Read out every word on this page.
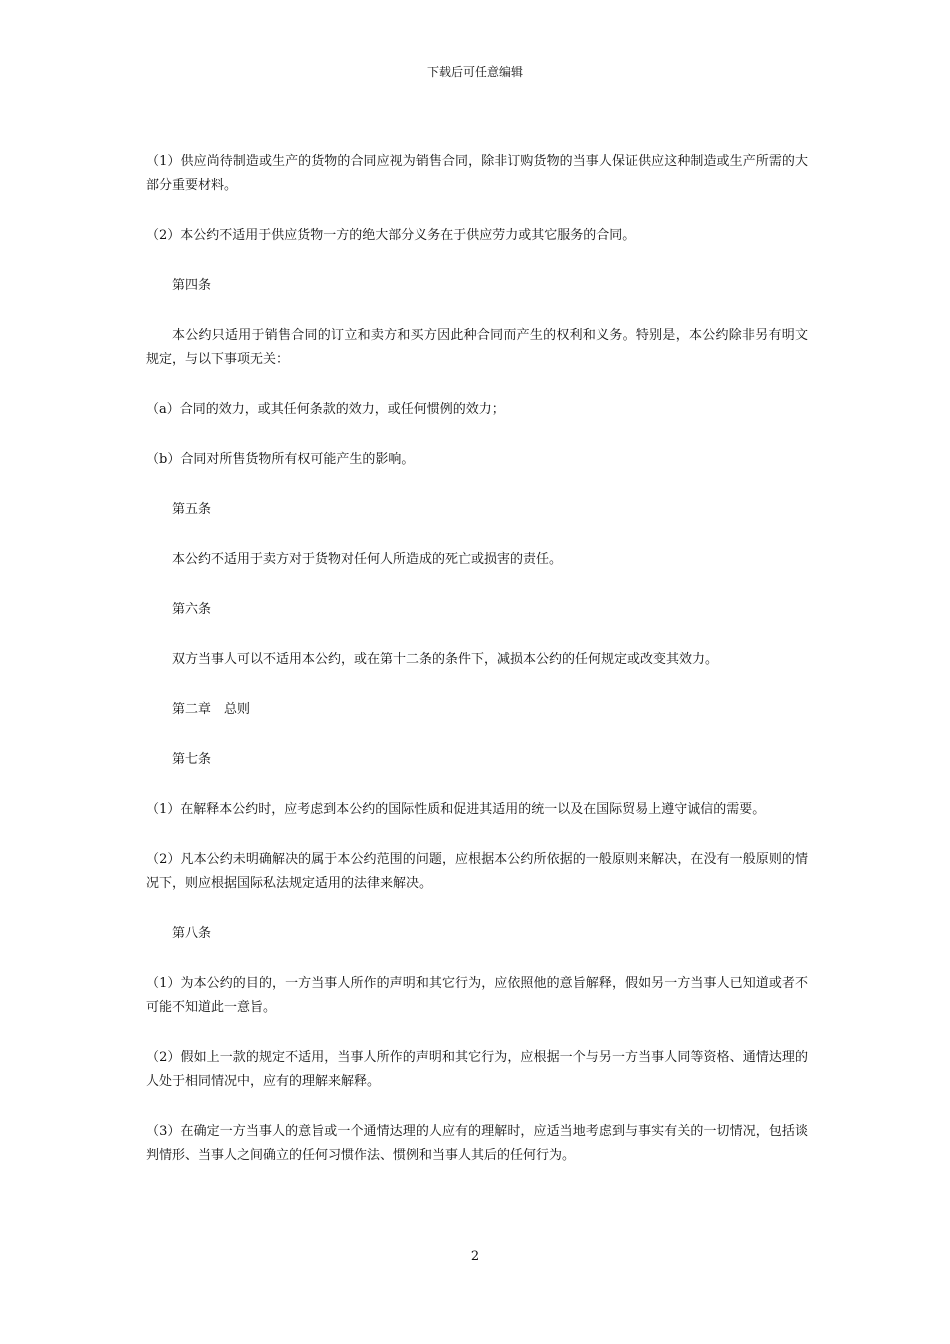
下载后可任意编辑

（1）供应尚待制造或生产的货物的合同应视为销售合同，除非订购货物的当事人保证供应这种制造或生产所需的大部分重要材料。

（2）本公约不适用于供应货物一方的绝大部分义务在于供应劳力或其它服务的合同。

第四条

本公约只适用于销售合同的订立和卖方和买方因此种合同而产生的权利和义务。特别是，本公约除非另有明文规定，与以下事项无关：

（a）合同的效力，或其任何条款的效力，或任何惯例的效力；

（b）合同对所售货物所有权可能产生的影响。

第五条

本公约不适用于卖方对于货物对任何人所造成的死亡或损害的责任。

第六条

双方当事人可以不适用本公约，或在第十二条的条件下，减损本公约的任何规定或改变其效力。

第二章　总则

第七条

（1）在解释本公约时，应考虑到本公约的国际性质和促进其适用的统一以及在国际贸易上遵守诚信的需要。

（2）凡本公约未明确解决的属于本公约范围的问题，应根据本公约所依据的一般原则来解决，在没有一般原则的情况下，则应根据国际私法规定适用的法律来解决。

第八条

（1）为本公约的目的，一方当事人所作的声明和其它行为，应依照他的意旨解释，假如另一方当事人已知道或者不可能不知道此一意旨。

（2）假如上一款的规定不适用，当事人所作的声明和其它行为，应根据一个与另一方当事人同等资格、通情达理的人处于相同情况中，应有的理解来解释。

（3）在确定一方当事人的意旨或一个通情达理的人应有的理解时，应适当地考虑到与事实有关的一切情况，包括谈判情形、当事人之间确立的任何习惯作法、惯例和当事人其后的任何行为。

2
